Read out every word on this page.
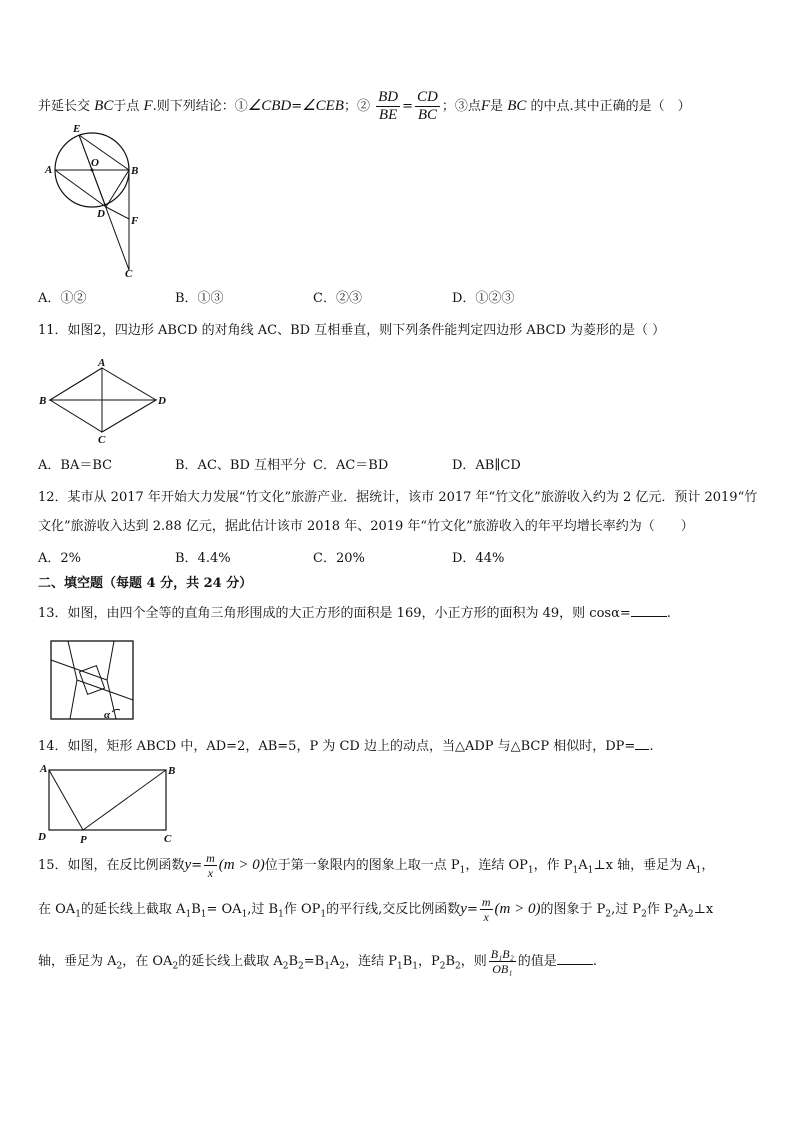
并延长交 BC于点 F.则下列结论：①∠CBD=∠CEB；② $\frac{BD}{BE} = \frac{CD}{BC}$ ；③点F是 BC 的中点.其中正确的是（　）
E
A
O
B
D
F
C
A．①②	B．①③	C．②③	D．①②③
11．如图2，四边形 ABCD 的对角线 AC、BD 互相垂直，则下列条件能判定四边形 ABCD 为菱形的是（ ）
A
B	D
C
A．BA＝BC	B．AC、BD 互相平分 C．AC＝BD	D．AB∥CD
12．某市从 2017 年开始大力发展“竹文化”旅游产业．据统计，该市 2017 年“竹文化”旅游收入约为 2 亿元．预计 2019“竹
文化”旅游收入达到 2.88 亿元，据此估计该市 2018 年、2019 年“竹文化”旅游收入的年平均增长率约为（　　）
A．2%	B．4.4%	C．20%	D．44%
二、填空题（每题 4 分，共 24 分）
13．如图，由四个全等的直角三角形围成的大正方形的面积是 169，小正方形的面积为 49，则 cosα=	.
α
14．如图，矩形 ABCD 中，AD=2，AB=5，P 为 CD 边上的动点，当△ADP 与△BCP 相似时，DP= .
A	B
D	P	C
15．如图，在反比例函数$y= \frac{m}{x} (m > 0)$位于第一象限内的图象上取一点 $P_1$，连结 $OP_1$，作 $P_1A_1\perp x$ 轴，垂足为 $A_1$，
在 $OA_1$的延长线上截取 $A_1B_1= OA_1$,过 $B_1$作 $OP_1$的平行线,交反比例函数$y= \frac{m}{x} (m > 0)$的图象于 $P_2$,过 $P_2$作 $P_2A_2\perp x$
轴，垂足为 $A_2$，在 $OA_2$的延长线上截取 $A_2B_2=B_1A_2$，连结 $P_1B_1$，$P_2B_2$，则 $\frac{\text{B₁B₂}}{\text{OB₁}}$ 的值是	.
